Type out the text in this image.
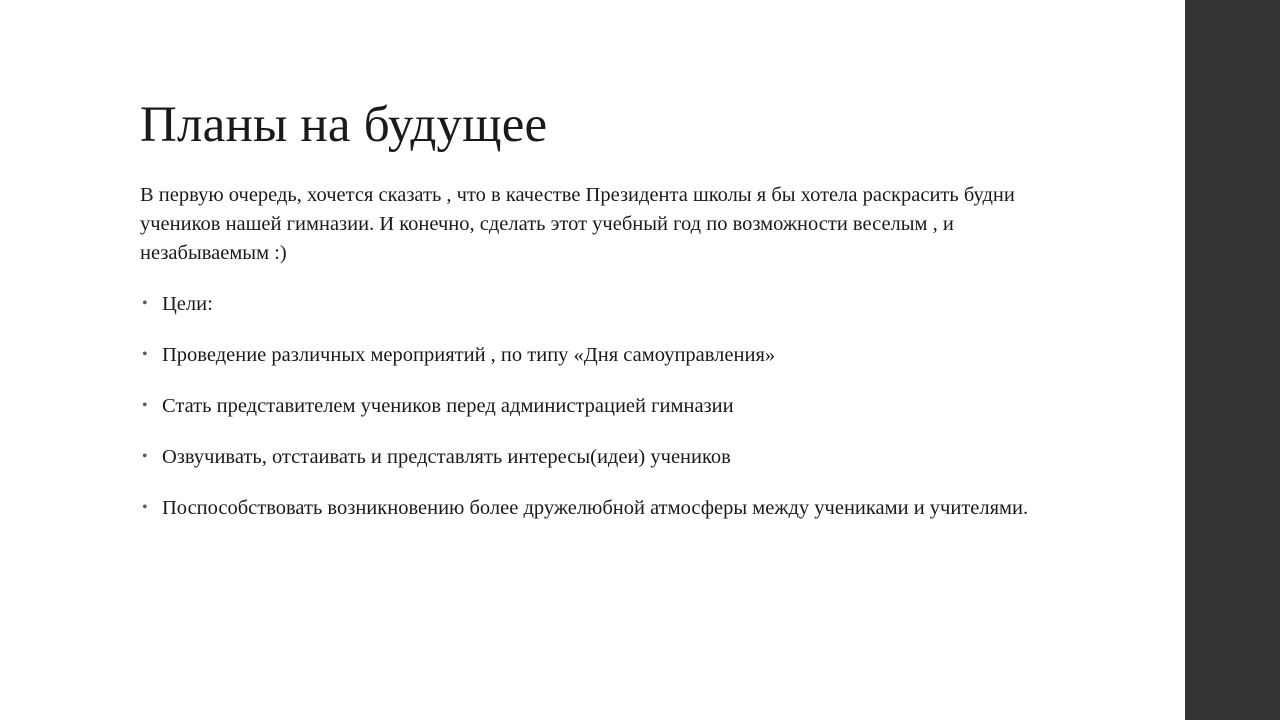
Планы на будущее

В первую очередь, хочется сказать , что в качестве Президента школы я бы хотела раскрасить будни учеников нашей гимназии. И конечно, сделать этот учебный год по возможности веселым , и незабываемым :)

• Цели:
• Проведение различных мероприятий , по типу «Дня самоуправления»
• Стать представителем учеников перед администрацией гимназии
• Озвучивать, отстаивать и представлять интересы(идеи) учеников
• Поспособствовать возникновению более дружелюбной атмосферы между учениками и учителями.
